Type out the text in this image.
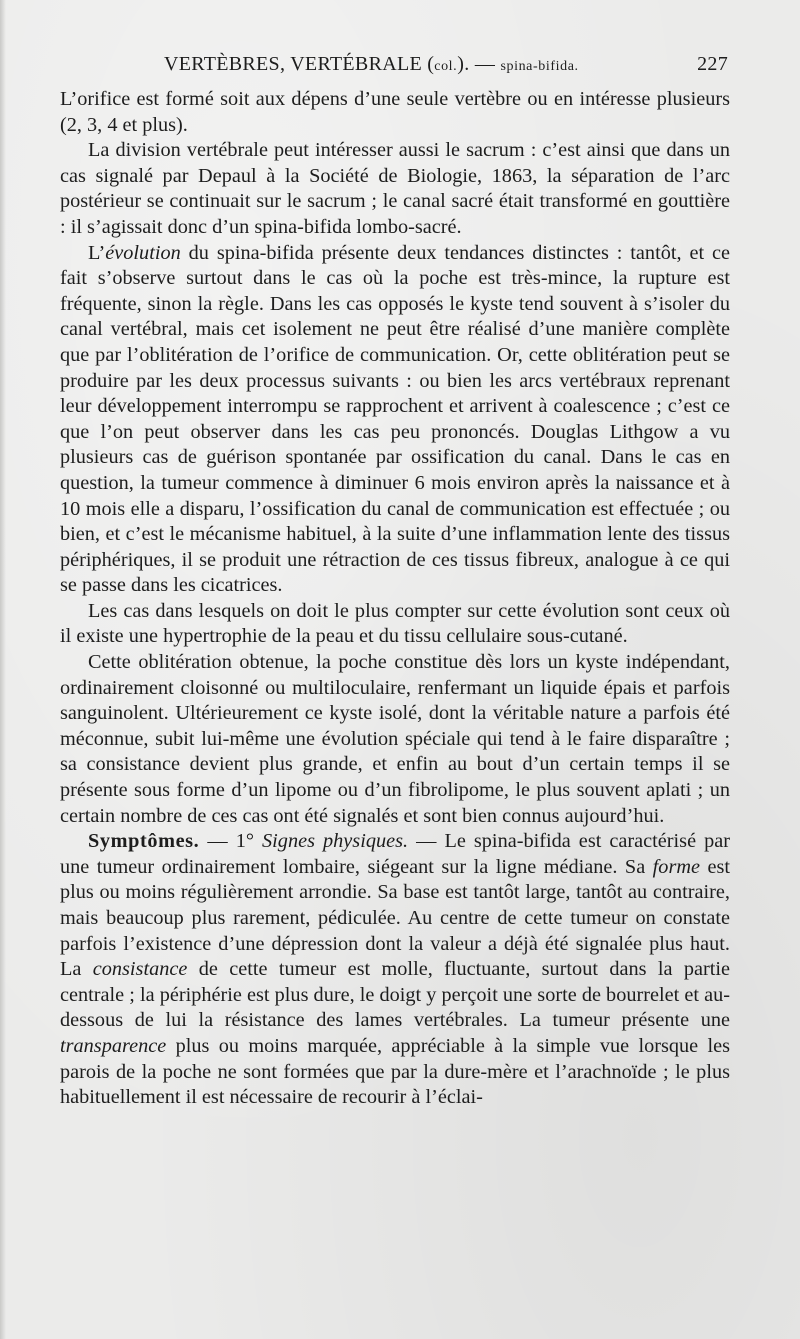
VERTÈBRES, VERTÉBRALE (col.). — spina-bifida.	227

L’orifice est formé soit aux dépens d’une seule vertèbre ou en intéresse plusieurs (2, 3, 4 et plus).

La division vertébrale peut intéresser aussi le sacrum : c’est ainsi que dans un cas signalé par Depaul à la Société de Biologie, 1863, la séparation de l’arc postérieur se continuait sur le sacrum ; le canal sacré était transformé en gouttière : il s’agissait donc d’un spina-bifida lombo-sacré.

L’évolution du spina-bifida présente deux tendances distinctes : tantôt, et ce fait s’observe surtout dans le cas où la poche est très-mince, la rupture est fréquente, sinon la règle. Dans les cas opposés le kyste tend souvent à s’isoler du canal vertébral, mais cet isolement ne peut être réalisé d’une manière complète que par l’oblitération de l’orifice de communication. Or, cette oblitération peut se produire par les deux processus suivants : ou bien les arcs vertébraux reprenant leur développement interrompu se rapprochent et arrivent à coalescence ; c’est ce que l’on peut observer dans les cas peu prononcés. Douglas Lithgow a vu plusieurs cas de guérison spontanée par ossification du canal. Dans le cas en question, la tumeur commence à diminuer 6 mois environ après la naissance et à 10 mois elle a disparu, l’ossification du canal de communication est effectuée ; ou bien, et c’est le mécanisme habituel, à la suite d’une inflammation lente des tissus périphériques, il se produit une rétraction de ces tissus fibreux, analogue à ce qui se passe dans les cicatrices.

Les cas dans lesquels on doit le plus compter sur cette évolution sont ceux où il existe une hypertrophie de la peau et du tissu cellulaire sous-cutané.

Cette oblitération obtenue, la poche constitue dès lors un kyste indépendant, ordinairement cloisonné ou multiloculaire, renfermant un liquide épais et parfois sanguinolent. Ultérieurement ce kyste isolé, dont la véritable nature a parfois été méconnue, subit lui-même une évolution spéciale qui tend à le faire disparaître ; sa consistance devient plus grande, et enfin au bout d’un certain temps il se présente sous forme d’un lipome ou d’un fibrolipome, le plus souvent aplati ; un certain nombre de ces cas ont été signalés et sont bien connus aujourd’hui.

Symptômes. — 1° Signes physiques. — Le spina-bifida est caractérisé par une tumeur ordinairement lombaire, siégeant sur la ligne médiane. Sa forme est plus ou moins régulièrement arrondie. Sa base est tantôt large, tantôt au contraire, mais beaucoup plus rarement, pédiculée. Au centre de cette tumeur on constate parfois l’existence d’une dépression dont la valeur a déjà été signalée plus haut. La consistance de cette tumeur est molle, fluctuante, surtout dans la partie centrale ; la périphérie est plus dure, le doigt y perçoit une sorte de bourrelet et au-dessous de lui la résistance des lames vertébrales. La tumeur présente une transparence plus ou moins marquée, appréciable à la simple vue lorsque les parois de la poche ne sont formées que par la dure-mère et l’arachnoïde ; le plus habituellement il est nécessaire de recourir à l’éclai-
